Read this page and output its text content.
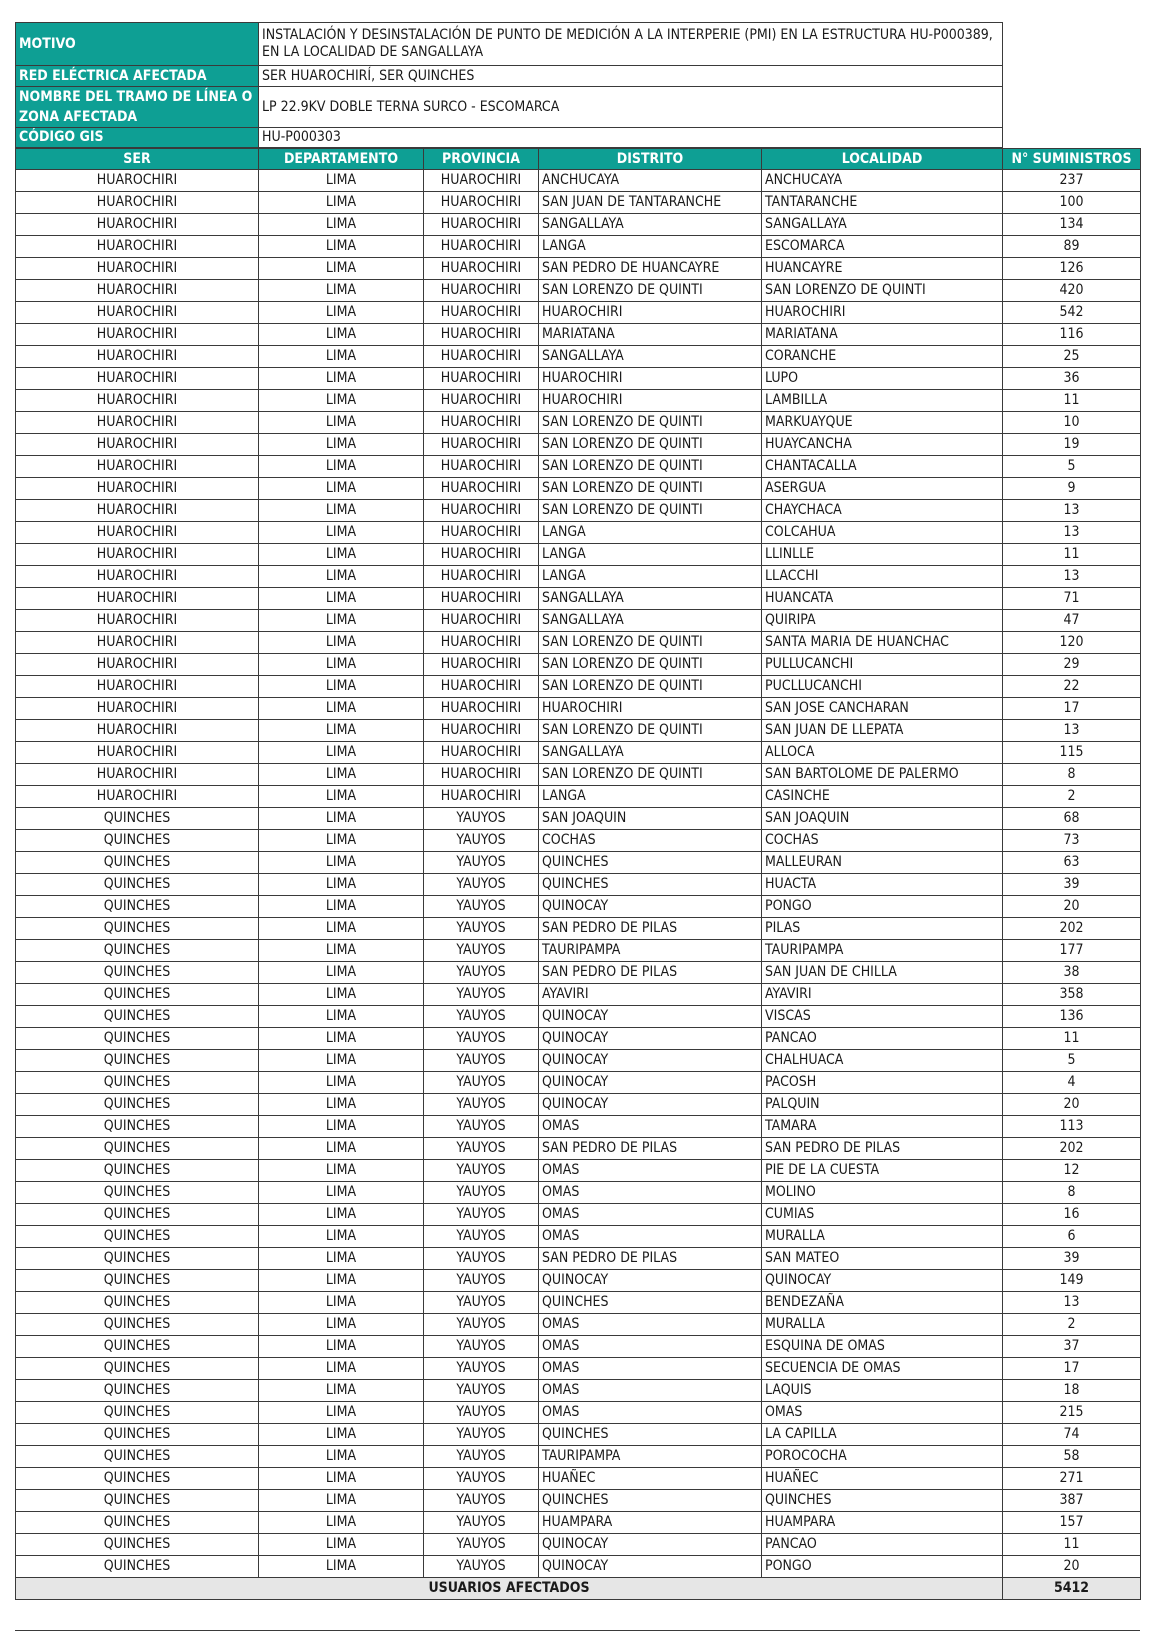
MOTIVO	INSTALACIÓN Y DESINSTALACIÓN DE PUNTO DE MEDICIÓN A LA INTERPERIE (PMI) EN LA ESTRUCTURA HU-P000389, EN LA LOCALIDAD DE SANGALLAYA
RED ELÉCTRICA AFECTADA	SER HUAROCHIRÍ, SER QUINCHES
NOMBRE DEL TRAMO DE LÍNEA O ZONA AFECTADA	LP 22.9KV DOBLE TERNA SURCO - ESCOMARCA
CÓDIGO GIS	HU-P000303
SER	DEPARTAMENTO	PROVINCIA	DISTRITO	LOCALIDAD	N° SUMINISTROS
HUAROCHIRI	LIMA	HUAROCHIRI	ANCHUCAYA	ANCHUCAYA	237
HUAROCHIRI	LIMA	HUAROCHIRI	SAN JUAN DE TANTARANCHE	TANTARANCHE	100
HUAROCHIRI	LIMA	HUAROCHIRI	SANGALLAYA	SANGALLAYA	134
HUAROCHIRI	LIMA	HUAROCHIRI	LANGA	ESCOMARCA	89
HUAROCHIRI	LIMA	HUAROCHIRI	SAN PEDRO DE HUANCAYRE	HUANCAYRE	126
HUAROCHIRI	LIMA	HUAROCHIRI	SAN LORENZO DE QUINTI	SAN LORENZO DE QUINTI	420
HUAROCHIRI	LIMA	HUAROCHIRI	HUAROCHIRI	HUAROCHIRI	542
HUAROCHIRI	LIMA	HUAROCHIRI	MARIATANA	MARIATANA	116
HUAROCHIRI	LIMA	HUAROCHIRI	SANGALLAYA	CORANCHE	25
HUAROCHIRI	LIMA	HUAROCHIRI	HUAROCHIRI	LUPO	36
HUAROCHIRI	LIMA	HUAROCHIRI	HUAROCHIRI	LAMBILLA	11
HUAROCHIRI	LIMA	HUAROCHIRI	SAN LORENZO DE QUINTI	MARKUAYQUE	10
HUAROCHIRI	LIMA	HUAROCHIRI	SAN LORENZO DE QUINTI	HUAYCANCHA	19
HUAROCHIRI	LIMA	HUAROCHIRI	SAN LORENZO DE QUINTI	CHANTACALLA	5
HUAROCHIRI	LIMA	HUAROCHIRI	SAN LORENZO DE QUINTI	ASERGUA	9
HUAROCHIRI	LIMA	HUAROCHIRI	SAN LORENZO DE QUINTI	CHAYCHACA	13
HUAROCHIRI	LIMA	HUAROCHIRI	LANGA	COLCAHUA	13
HUAROCHIRI	LIMA	HUAROCHIRI	LANGA	LLINLLE	11
HUAROCHIRI	LIMA	HUAROCHIRI	LANGA	LLACCHI	13
HUAROCHIRI	LIMA	HUAROCHIRI	SANGALLAYA	HUANCATA	71
HUAROCHIRI	LIMA	HUAROCHIRI	SANGALLAYA	QUIRIPA	47
HUAROCHIRI	LIMA	HUAROCHIRI	SAN LORENZO DE QUINTI	SANTA MARIA DE HUANCHAC	120
HUAROCHIRI	LIMA	HUAROCHIRI	SAN LORENZO DE QUINTI	PULLUCANCHI	29
HUAROCHIRI	LIMA	HUAROCHIRI	SAN LORENZO DE QUINTI	PUCLLUCANCHI	22
HUAROCHIRI	LIMA	HUAROCHIRI	HUAROCHIRI	SAN JOSE CANCHARAN	17
HUAROCHIRI	LIMA	HUAROCHIRI	SAN LORENZO DE QUINTI	SAN JUAN DE LLEPATA	13
HUAROCHIRI	LIMA	HUAROCHIRI	SANGALLAYA	ALLOCA	115
HUAROCHIRI	LIMA	HUAROCHIRI	SAN LORENZO DE QUINTI	SAN BARTOLOME DE PALERMO	8
HUAROCHIRI	LIMA	HUAROCHIRI	LANGA	CASINCHE	2
QUINCHES	LIMA	YAUYOS	SAN JOAQUIN	SAN JOAQUIN	68
QUINCHES	LIMA	YAUYOS	COCHAS	COCHAS	73
QUINCHES	LIMA	YAUYOS	QUINCHES	MALLEURAN	63
QUINCHES	LIMA	YAUYOS	QUINCHES	HUACTA	39
QUINCHES	LIMA	YAUYOS	QUINOCAY	PONGO	20
QUINCHES	LIMA	YAUYOS	SAN PEDRO DE PILAS	PILAS	202
QUINCHES	LIMA	YAUYOS	TAURIPAMPA	TAURIPAMPA	177
QUINCHES	LIMA	YAUYOS	SAN PEDRO DE PILAS	SAN JUAN DE CHILLA	38
QUINCHES	LIMA	YAUYOS	AYAVIRI	AYAVIRI	358
QUINCHES	LIMA	YAUYOS	QUINOCAY	VISCAS	136
QUINCHES	LIMA	YAUYOS	QUINOCAY	PANCAO	11
QUINCHES	LIMA	YAUYOS	QUINOCAY	CHALHUACA	5
QUINCHES	LIMA	YAUYOS	QUINOCAY	PACOSH	4
QUINCHES	LIMA	YAUYOS	QUINOCAY	PALQUIN	20
QUINCHES	LIMA	YAUYOS	OMAS	TAMARA	113
QUINCHES	LIMA	YAUYOS	SAN PEDRO DE PILAS	SAN PEDRO DE PILAS	202
QUINCHES	LIMA	YAUYOS	OMAS	PIE DE LA CUESTA	12
QUINCHES	LIMA	YAUYOS	OMAS	MOLINO	8
QUINCHES	LIMA	YAUYOS	OMAS	CUMIAS	16
QUINCHES	LIMA	YAUYOS	OMAS	MURALLA	6
QUINCHES	LIMA	YAUYOS	SAN PEDRO DE PILAS	SAN MATEO	39
QUINCHES	LIMA	YAUYOS	QUINOCAY	QUINOCAY	149
QUINCHES	LIMA	YAUYOS	QUINCHES	BENDEZAÑA	13
QUINCHES	LIMA	YAUYOS	OMAS	MURALLA	2
QUINCHES	LIMA	YAUYOS	OMAS	ESQUINA DE OMAS	37
QUINCHES	LIMA	YAUYOS	OMAS	SECUENCIA DE OMAS	17
QUINCHES	LIMA	YAUYOS	OMAS	LAQUIS	18
QUINCHES	LIMA	YAUYOS	OMAS	OMAS	215
QUINCHES	LIMA	YAUYOS	QUINCHES	LA CAPILLA	74
QUINCHES	LIMA	YAUYOS	TAURIPAMPA	POROCOCHA	58
QUINCHES	LIMA	YAUYOS	HUAÑEC	HUAÑEC	271
QUINCHES	LIMA	YAUYOS	QUINCHES	QUINCHES	387
QUINCHES	LIMA	YAUYOS	HUAMPARA	HUAMPARA	157
QUINCHES	LIMA	YAUYOS	QUINOCAY	PANCAO	11
QUINCHES	LIMA	YAUYOS	QUINOCAY	PONGO	20
USUARIOS AFECTADOS					5412
